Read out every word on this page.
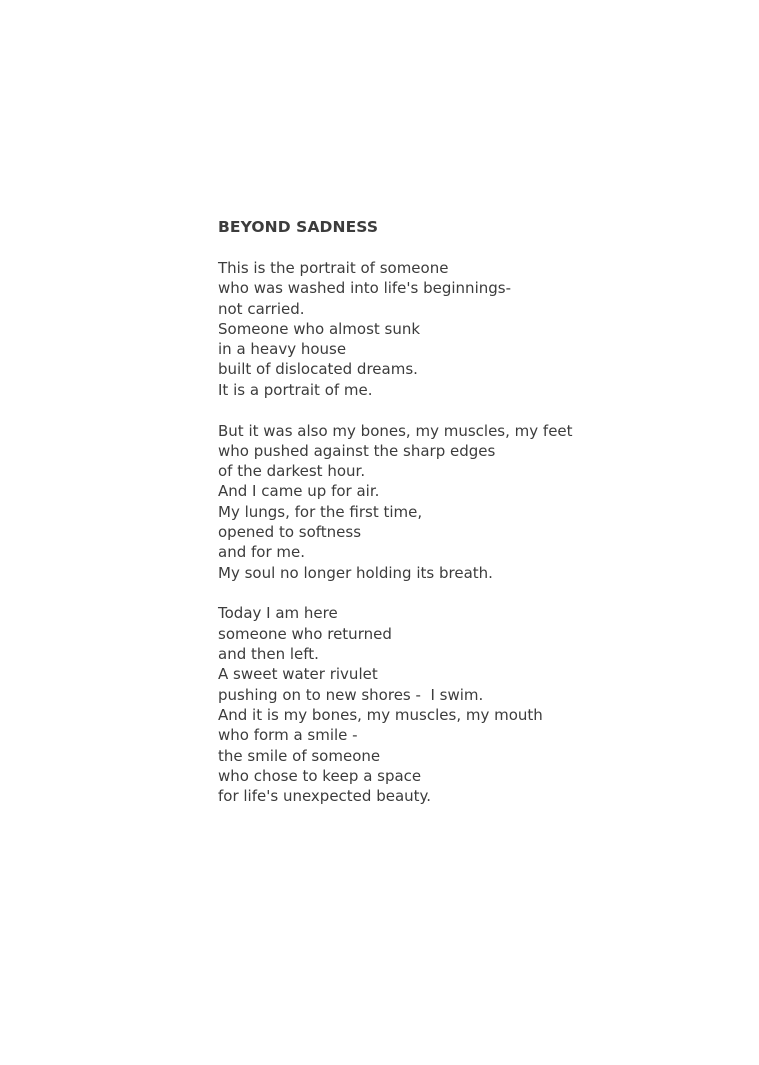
BEYOND SADNESS
This is the portrait of someone
who was washed into life's beginnings-
not carried.
Someone who almost sunk
in a heavy house
built of dislocated dreams.
It is a portrait of me.
But it was also my bones, my muscles, my feet
who pushed against the sharp edges
of the darkest hour.
And I came up for air.
My lungs, for the first time,
opened to softness
and for me.
My soul no longer holding its breath.
Today I am here
someone who returned
and then left.
A sweet water rivulet
pushing on to new shores -  I swim.
And it is my bones, my muscles, my mouth
who form a smile -
the smile of someone
who chose to keep a space
for life's unexpected beauty.
